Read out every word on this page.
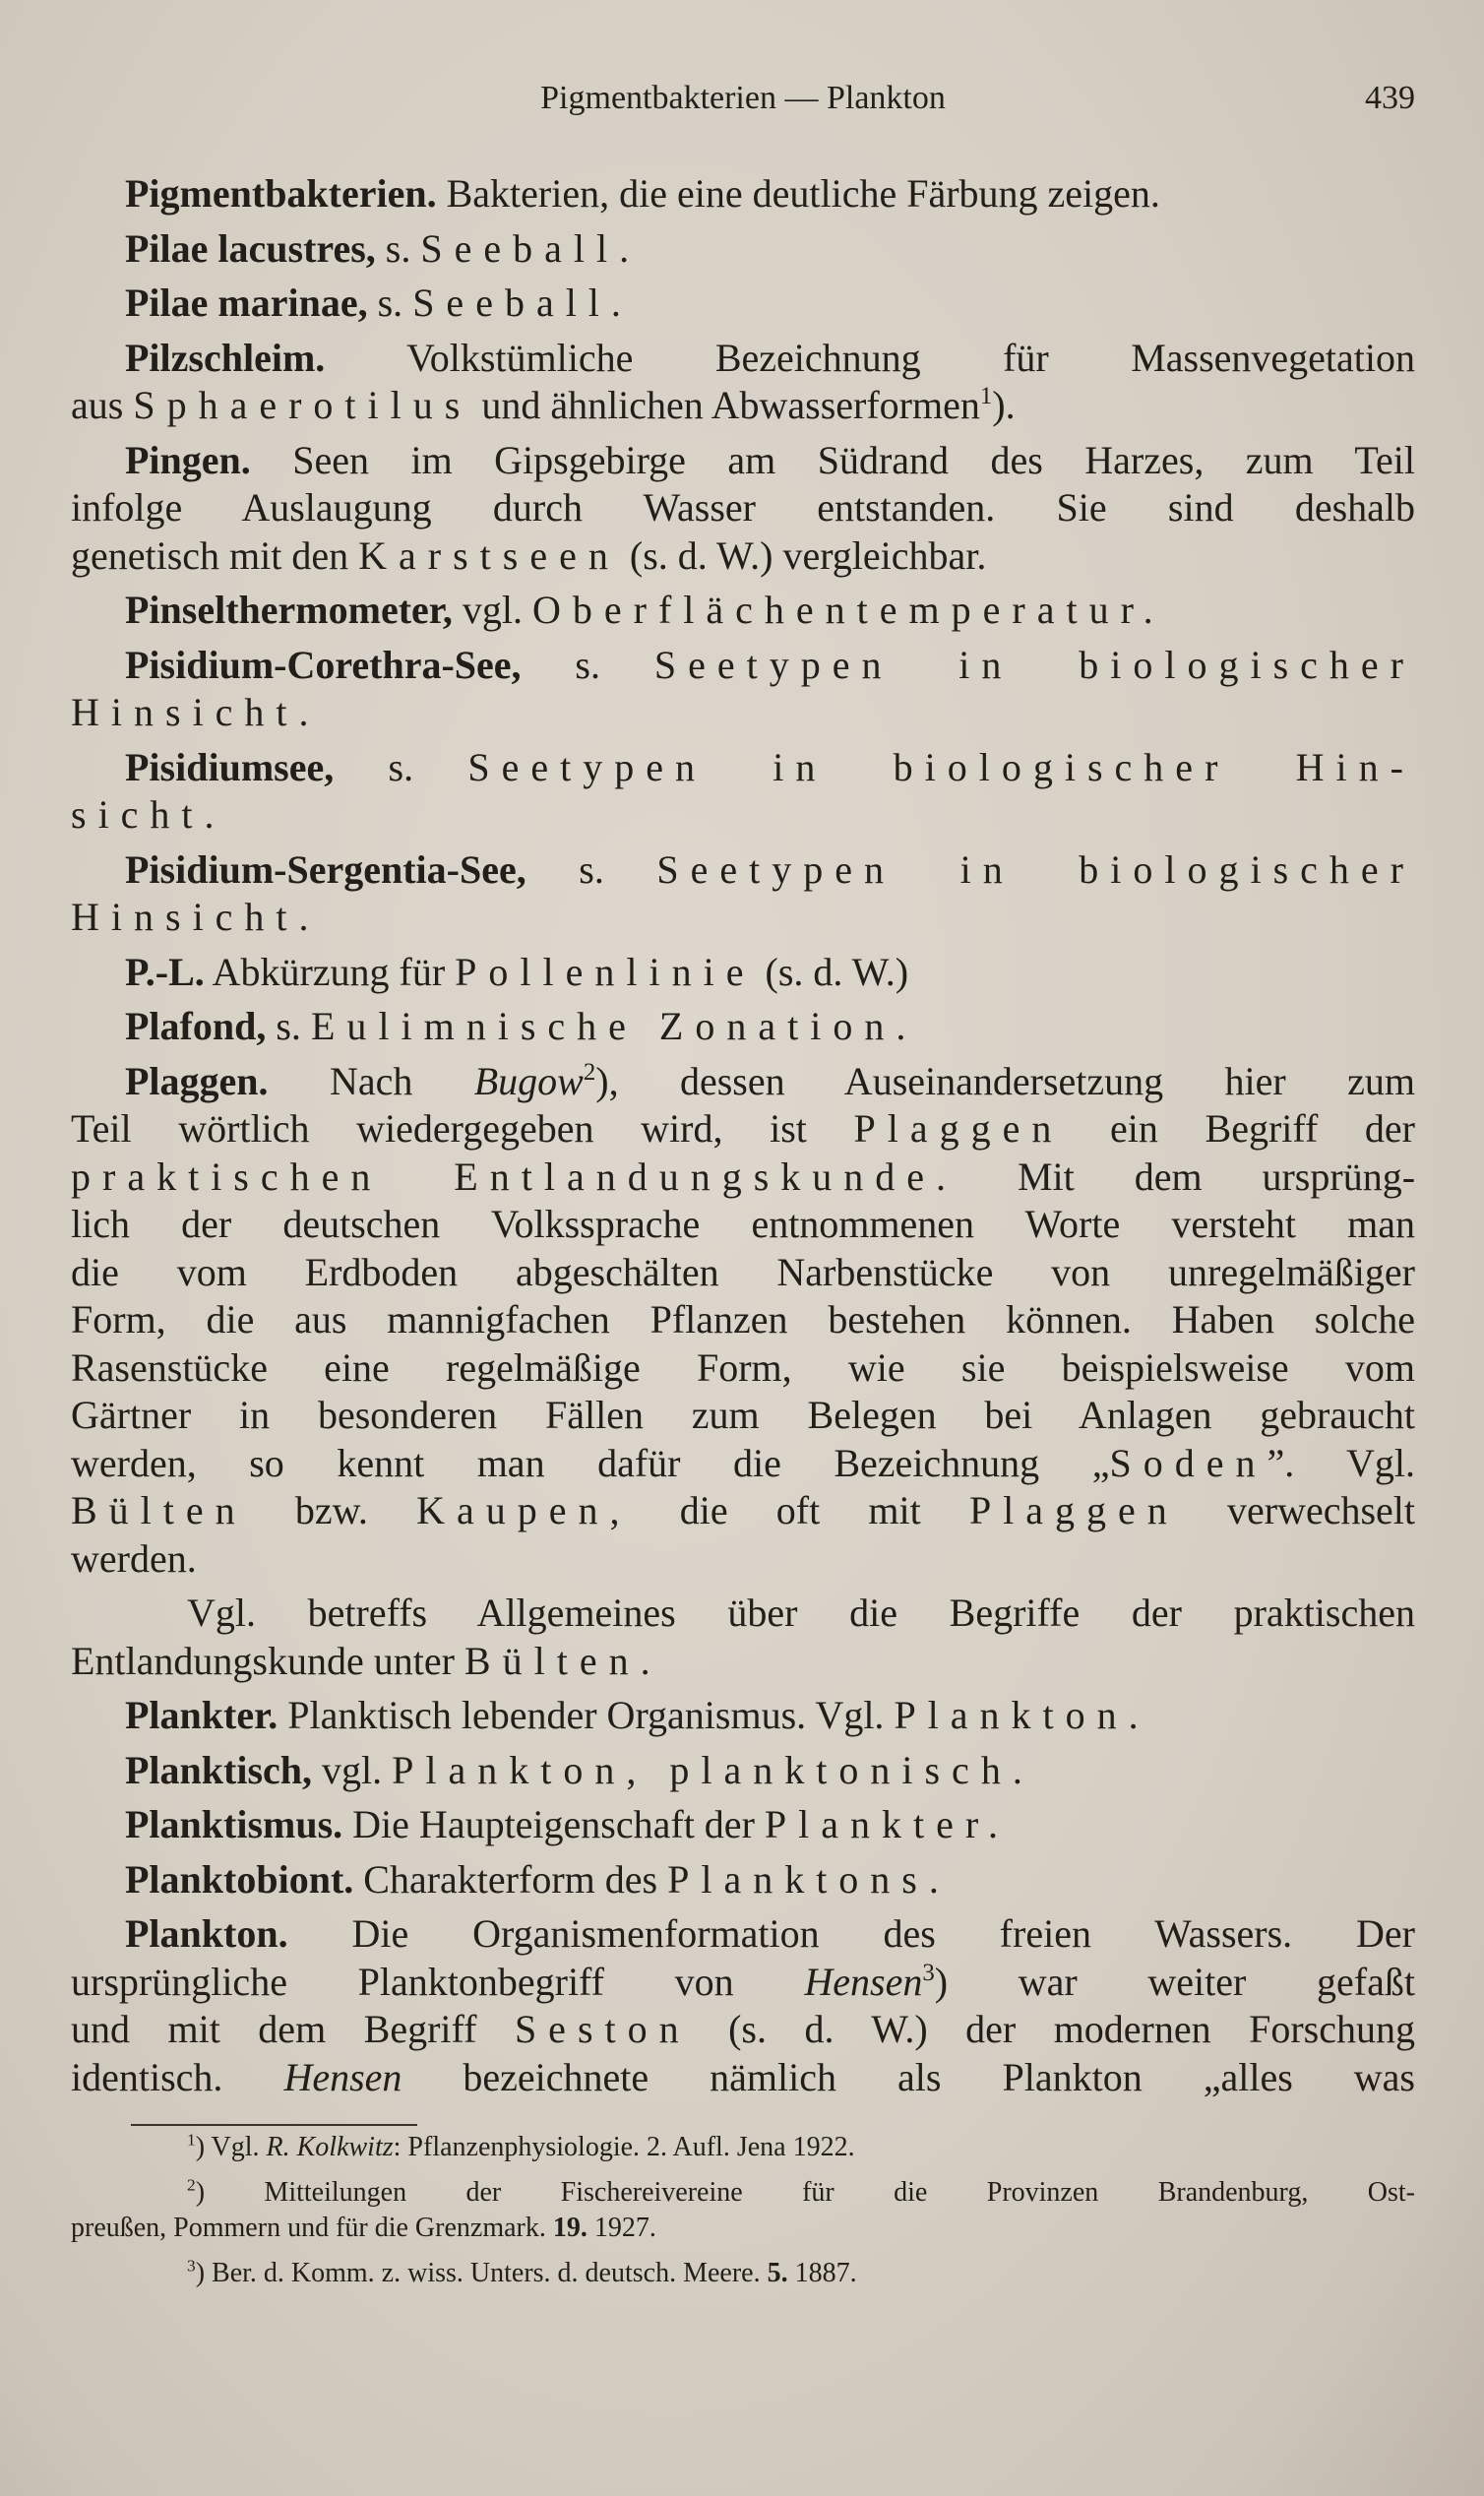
Pigmentbakterien — Plankton	439
Pigmentbakterien. Bakterien, die eine deutliche Färbung zeigen.
Pilae lacustres, s. Seeball.
Pilae marinae, s. Seeball.
Pilzschleim. Volkstümliche Bezeichnung für Massenvegetation
aus Sphaerotilus und ähnlichen Abwasserformen$^1$).
Pingen. Seen im Gipsgebirge am Südrand des Harzes, zum Teil
infolge Auslaugung durch Wasser entstanden. Sie sind deshalb
genetisch mit den Karstseen (s. d. W.) vergleichbar.
Pinselthermometer, vgl. Oberflächentemperatur.
Pisidium-Corethra-See, s. Seetypen in biologischer
Hinsicht.
Pisidiumsee, s. Seetypen in biologischer Hin-
sicht.
Pisidium-Sergentia-See, s. Seetypen in biologischer
Hinsicht.
P.-L. Abkürzung für Pollenlinie (s. d. W.)
Plafond, s. Eulimnische Zonation.
Plaggen. Nach Bugow$^2$), dessen Auseinandersetzung hier zum
Teil wörtlich wiedergegeben wird, ist Plaggen ein Begriff der
praktischen Entlandungskunde. Mit dem ursprüng-
lich der deutschen Volkssprache entnommenen Worte versteht man
die vom Erdboden abgeschälten Narbenstücke von unregelmäßiger
Form, die aus mannigfachen Pflanzen bestehen können. Haben solche
Rasenstücke eine regelmäßige Form, wie sie beispielsweise vom
Gärtner in besonderen Fällen zum Belegen bei Anlagen gebraucht
werden, so kennt man dafür die Bezeichnung „Soden”. Vgl.
Bülten bzw. Kaupen, die oft mit Plaggen verwechselt
werden.
Vgl. betreffs Allgemeines über die Begriffe der praktischen
Entlandungskunde unter Bülten.
Plankter. Planktisch lebender Organismus. Vgl. Plankton.
Planktisch, vgl. Plankton, planktonisch.
Planktismus. Die Haupteigenschaft der Plankter.
Planktobiont. Charakterform des Planktons.
Plankton. Die Organismenformation des freien Wassers. Der
ursprüngliche Planktonbegriff von Hensen$^3$) war weiter gefaßt
und mit dem Begriff Seston (s. d. W.) der modernen Forschung
identisch. Hensen bezeichnete nämlich als Plankton „alles was
$^1$) Vgl. R. Kolkwitz: Pflanzenphysiologie. 2. Aufl. Jena 1922.
$^2$) Mitteilungen der Fischereivereine für die Provinzen Brandenburg, Ost-
preußen, Pommern und für die Grenzmark. 19. 1927.
$^3$) Ber. d. Komm. z. wiss. Unters. d. deutsch. Meere. 5. 1887.
